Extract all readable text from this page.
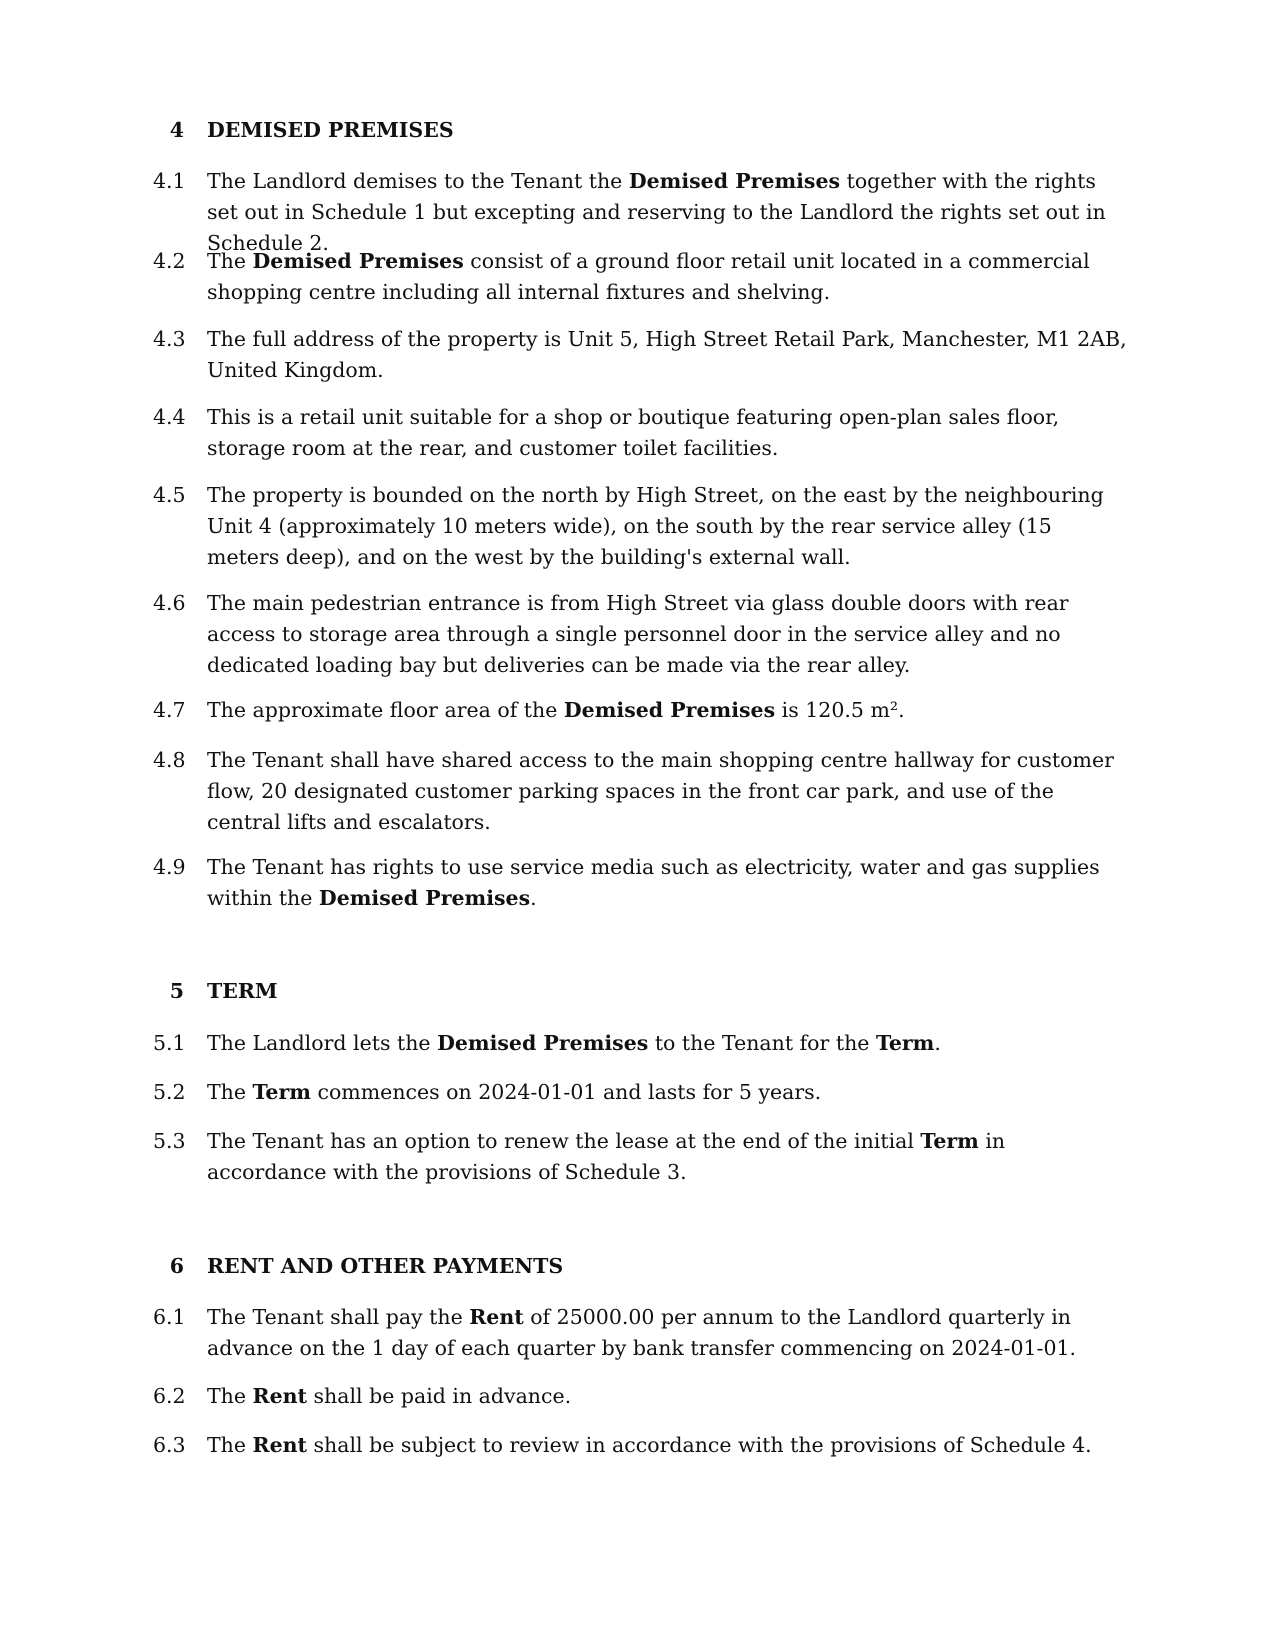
4 DEMISED PREMISES
4.1 The Landlord demises to the Tenant the Demised Premises together with the rights set out in Schedule 1 but excepting and reserving to the Landlord the rights set out in Schedule 2.
4.2 The Demised Premises consist of a ground floor retail unit located in a commercial shopping centre including all internal fixtures and shelving.
4.3 The full address of the property is Unit 5, High Street Retail Park, Manchester, M1 2AB, United Kingdom.
4.4 This is a retail unit suitable for a shop or boutique featuring open-plan sales floor, storage room at the rear, and customer toilet facilities.
4.5 The property is bounded on the north by High Street, on the east by the neighbouring Unit 4 (approximately 10 meters wide), on the south by the rear service alley (15 meters deep), and on the west by the building's external wall.
4.6 The main pedestrian entrance is from High Street via glass double doors with rear access to storage area through a single personnel door in the service alley and no dedicated loading bay but deliveries can be made via the rear alley.
4.7 The approximate floor area of the Demised Premises is 120.5 m².
4.8 The Tenant shall have shared access to the main shopping centre hallway for customer flow, 20 designated customer parking spaces in the front car park, and use of the central lifts and escalators.
4.9 The Tenant has rights to use service media such as electricity, water and gas supplies within the Demised Premises.
5 TERM
5.1 The Landlord lets the Demised Premises to the Tenant for the Term.
5.2 The Term commences on 2024-01-01 and lasts for 5 years.
5.3 The Tenant has an option to renew the lease at the end of the initial Term in accordance with the provisions of Schedule 3.
6 RENT AND OTHER PAYMENTS
6.1 The Tenant shall pay the Rent of 25000.00 per annum to the Landlord quarterly in advance on the 1 day of each quarter by bank transfer commencing on 2024-01-01.
6.2 The Rent shall be paid in advance.
6.3 The Rent shall be subject to review in accordance with the provisions of Schedule 4.
